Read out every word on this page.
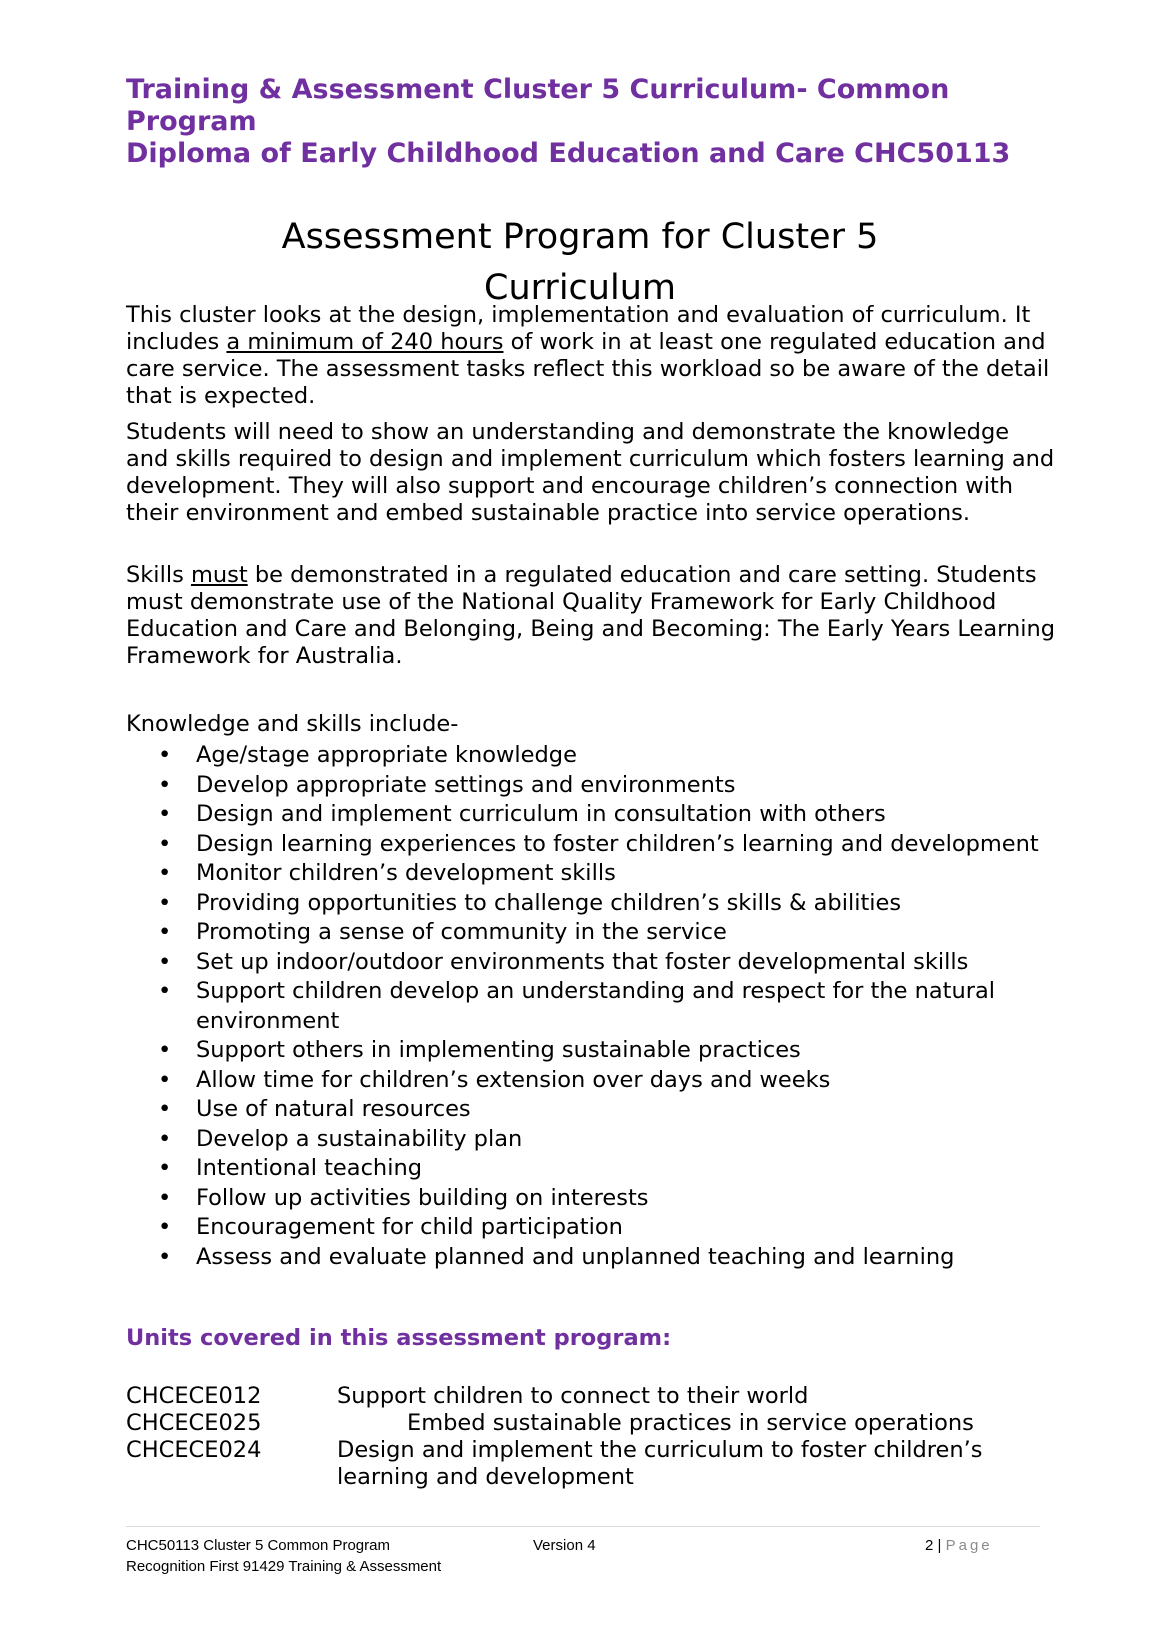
Training & Assessment Cluster 5 Curriculum- Common
Program
Diploma of Early Childhood Education and Care CHC50113
Assessment Program for Cluster 5
Curriculum

This cluster looks at the design, implementation and evaluation of curriculum. It includes a minimum of 240 hours of work in at least one regulated education and care service. The assessment tasks reflect this workload so be aware of the detail that is expected.

Students will need to show an understanding and demonstrate the knowledge and skills required to design and implement curriculum which fosters learning and development. They will also support and encourage children’s connection with their environment and embed sustainable practice into service operations.

Skills must be demonstrated in a regulated education and care setting. Students must demonstrate use of the National Quality Framework for Early Childhood Education and Care and Belonging, Being and Becoming: The Early Years Learning Framework for Australia.

Knowledge and skills include-

• Age/stage appropriate knowledge
• Develop appropriate settings and environments
• Design and implement curriculum in consultation with others
• Design learning experiences to foster children’s learning and development
• Monitor children’s development skills
• Providing opportunities to challenge children’s skills & abilities
• Promoting a sense of community in the service
• Set up indoor/outdoor environments that foster developmental skills
• Support children develop an understanding and respect for the natural environment
• Support others in implementing sustainable practices
• Allow time for children’s extension over days and weeks
• Use of natural resources
• Develop a sustainability plan
• Intentional teaching
• Follow up activities building on interests
• Encouragement for child participation
• Assess and evaluate planned and unplanned teaching and learning
Units covered in this assessment program:
CHCECE012	Support children to connect to their world
CHCECE025	Embed sustainable practices in service operations
CHCECE024	Design and implement the curriculum to foster children’s learning and development
CHC50113 Cluster 5 Common Program
Recognition First 91429 Training & Assessment
Version 4	2 | Page
